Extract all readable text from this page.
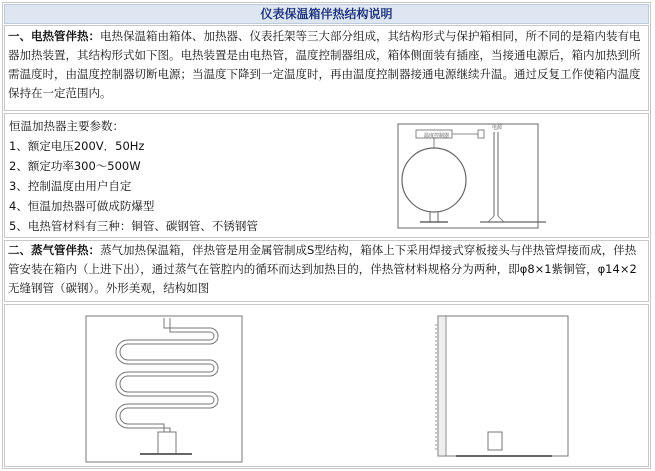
仪表保温箱伴热结构说明
一、电热管伴热：电热保温箱由箱体、加热器、仪表托架等三大部分组成，其结构形式与保护箱相同，所不同的是箱内装有电器加热装置，其结构形式如下图。电热装置是由电热管，温度控制器组成，箱体侧面装有插座，当接通电源后，箱内加热到所需温度时，由温度控制器切断电源；当温度下降到一定温度时，再由温度控制器接通电源继续升温。通过反复工作使箱内温度保持在一定范围内。
恒温加热器主要参数：
1、额定电压200V．50Hz
2、额定功率300～500W
3、控制温度由用户自定
4、恒温加热器可做成防爆型
5、电热管材料有三种：铜管、碳钢管、不锈钢管
温度控制器
电源
二、蒸气管伴热：蒸气加热保温箱，伴热管是用金属管制成S型结构，箱体上下采用焊接式穿板接头与伴热管焊接而成，伴热管安装在箱内（上进下出），通过蒸气在管腔内的循环而达到加热目的，伴热管材料规格分为两种，即φ8×1紫铜管，φ14×2无缝钢管（碳钢）。外形美观，结构如图
